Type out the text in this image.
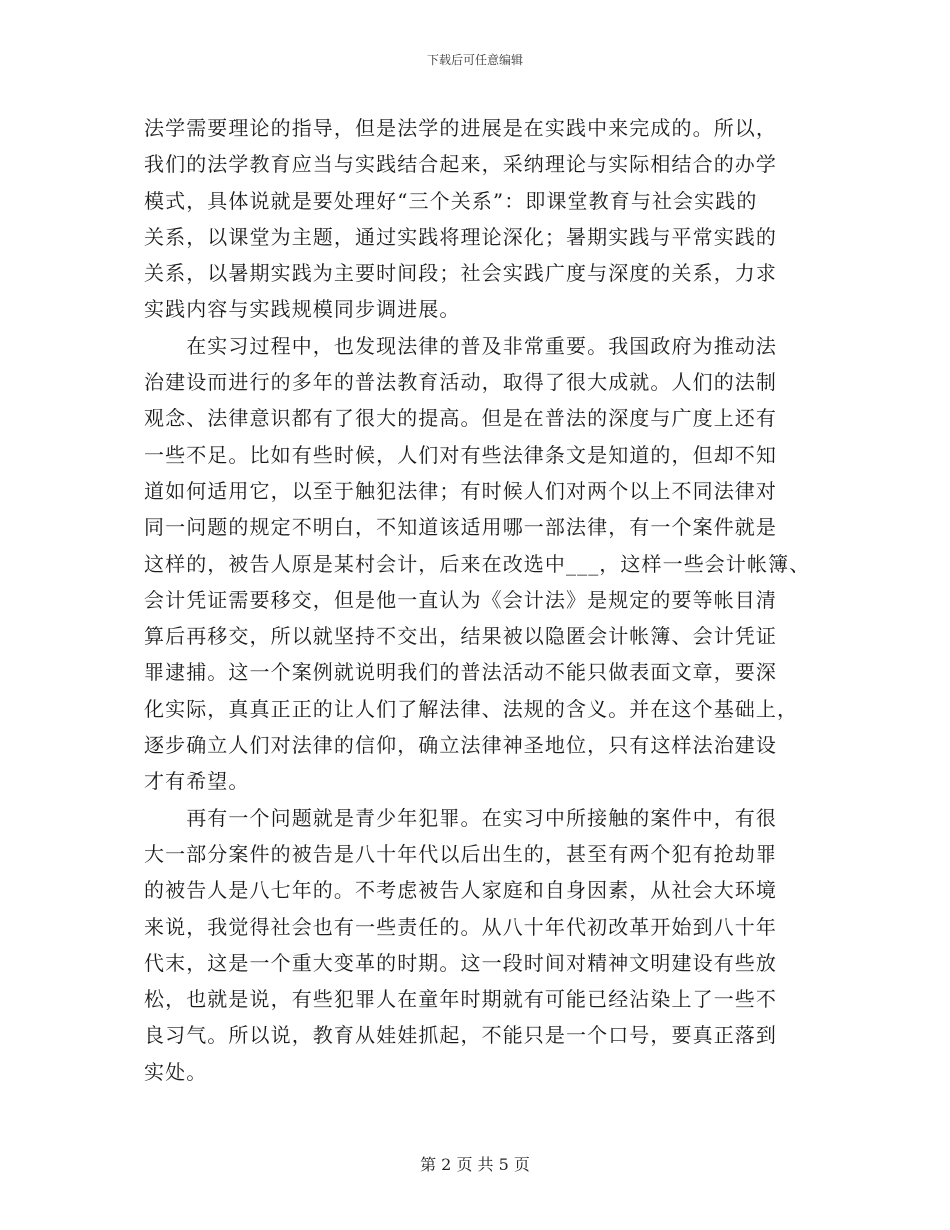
下载后可任意编辑
法学需要理论的指导，但是法学的进展是在实践中来完成的。所以，
我们的法学教育应当与实践结合起来，采纳理论与实际相结合的办学
模式，具体说就是要处理好“三个关系”：即课堂教育与社会实践的
关系，以课堂为主题，通过实践将理论深化；暑期实践与平常实践的
关系，以暑期实践为主要时间段；社会实践广度与深度的关系，力求
实践内容与实践规模同步调进展。
　　在实习过程中，也发现法律的普及非常重要。我国政府为推动法
治建设而进行的多年的普法教育活动，取得了很大成就。人们的法制
观念、法律意识都有了很大的提高。但是在普法的深度与广度上还有
一些不足。比如有些时候，人们对有些法律条文是知道的，但却不知
道如何适用它，以至于触犯法律；有时候人们对两个以上不同法律对
同一问题的规定不明白，不知道该适用哪一部法律，有一个案件就是
这样的，被告人原是某村会计，后来在改选中___，这样一些会计帐簿、
会计凭证需要移交，但是他一直认为《会计法》是规定的要等帐目清
算后再移交，所以就坚持不交出，结果被以隐匿会计帐簿、会计凭证
罪逮捕。这一个案例就说明我们的普法活动不能只做表面文章，要深
化实际，真真正正的让人们了解法律、法规的含义。并在这个基础上，
逐步确立人们对法律的信仰，确立法律神圣地位，只有这样法治建设
才有希望。
　　再有一个问题就是青少年犯罪。在实习中所接触的案件中，有很
大一部分案件的被告是八十年代以后出生的，甚至有两个犯有抢劫罪
的被告人是八七年的。不考虑被告人家庭和自身因素，从社会大环境
来说，我觉得社会也有一些责任的。从八十年代初改革开始到八十年
代末，这是一个重大变革的时期。这一段时间对精神文明建设有些放
松，也就是说，有些犯罪人在童年时期就有可能已经沾染上了一些不
良习气。所以说，教育从娃娃抓起，不能只是一个口号，要真正落到
实处。
第 2 页 共 5 页
